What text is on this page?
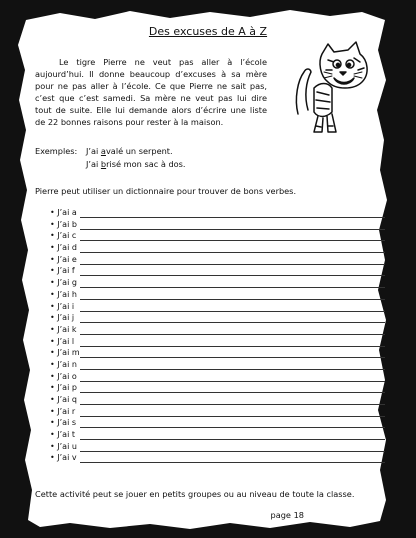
Des excuses de A à Z
Le tigre Pierre ne veut pas aller à l’école aujourd’hui. Il donne beaucoup d’excuses à sa mère pour ne pas aller à l’école. Ce que Pierre ne sait pas, c’est que c’est samedi. Sa mère ne veut pas lui dire tout de suite. Elle lui demande alors d’écrire une liste de 22 bonnes raisons pour rester à la maison.
Exemples: J’ai avalé un serpent.
J’ai brisé mon sac à dos.
Pierre peut utiliser un dictionnaire pour trouver de bons verbes.
• J’ai a
• J’ai b
• J’ai c
• J’ai d
• J’ai e
• J’ai f
• J’ai g
• J’ai h
• J’ai i
• J’ai j
• J’ai k
• J’ai l
• J’ai m
• J’ai n
• J’ai o
• J’ai p
• J’ai q
• J’ai r
• J’ai s
• J’ai t
• J’ai u
• J’ai v
Cette activité peut se jouer en petits groupes ou au niveau de toute la classe.
page 18
